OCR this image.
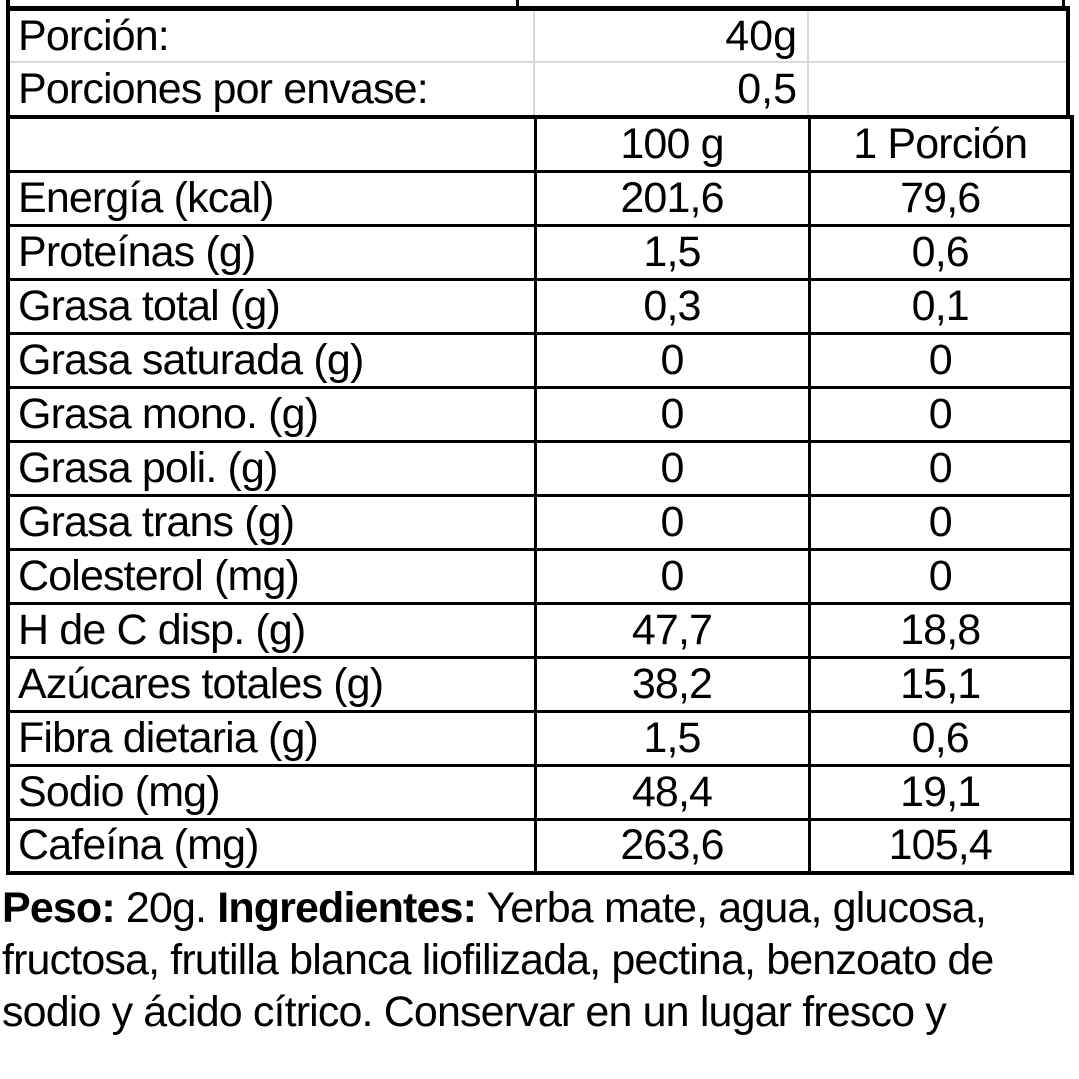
Porción:	40g
Porciones por envase:	0,5
	100 g	1 Porción
Energía (kcal)	201,6	79,6
Proteínas (g)	1,5	0,6
Grasa total (g)	0,3	0,1
Grasa saturada (g)	0	0
Grasa mono. (g)	0	0
Grasa poli. (g)	0	0
Grasa trans (g)	0	0
Colesterol (mg)	0	0
H de C disp. (g)	47,7	18,8
Azúcares totales (g)	38,2	15,1
Fibra dietaria (g)	1,5	0,6
Sodio (mg)	48,4	19,1
Cafeína (mg)	263,6	105,4
Peso: 20g. Ingredientes: Yerba mate, agua, glucosa,
fructosa, frutilla blanca liofilizada, pectina, benzoato de
sodio y ácido cítrico. Conservar en un lugar fresco y
